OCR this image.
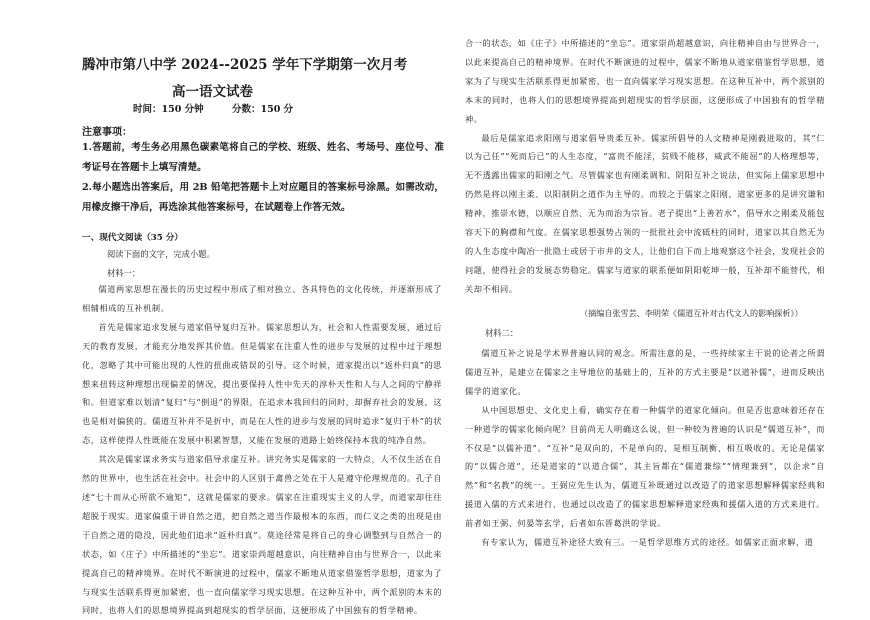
腾冲市第八中学 2024--2025 学年下学期第一次月考
高一语文试卷
时间：150 分钟	分数：150 分
注意事项：
1.答题前，考生务必用黑色碳素笔将自己的学校、班级、姓名、考场号、座位号、准考证号在答题卡上填写清楚。
2.每小题选出答案后，用 2B 铅笔把答题卡上对应题目的答案标号涂黑。如需改动，用橡皮擦干净后，再选涂其他答案标号，在试题卷上作答无效。
一、现代文阅读（35 分）
阅读下面的文字，完成小题。
材料一：
儒道两家思想在漫长的历史过程中形成了相对独立、各具特色的文化传统，并逐渐形成了相辅相成的互补机制。
首先是儒家追求发展与道家倡导复归互补。儒家思想认为，社会和人性需要发展，通过后天的教育发展，才能充分地发挥其价值。但是儒家在注重人性的进步与发展的过程中过于理想化，忽略了其中可能出现的人性的扭曲或错误的引导。这个时候，道家提出以“返朴归真”的思想来扭转这种理想出现偏差的情况，提出要保持人性中先天的淳朴天性和人与人之间的宁静祥和。但道家难以划清“复归”与“倒退”的界限，在追求本我回归的同时，却摒弃社会的发展，这也是相对偏狭的。儒道互补并不是折中，而是在人性的进步与发展的同时追求“复归于朴”的状态，这样使得人性既能在发展中积累智慧，又能在发展的道路上始终保持本我的纯净自然。
其次是儒家谋求务实与道家倡导求虚互补。讲究务实是儒家的一大特点，人不仅生活在自然的世界中，也生活在社会中。社会中的人区别于禽兽之处在于人是遵守伦理规范的。孔子自述“七十而从心所欲不逾矩”，这就是儒家的要求。儒家在注重现实主义的人学，而道家却往往超脱于现实。道家偏重于讲自然之道，把自然之道当作最根本的东西，而仁义之类的出现是由于自然之道的隐没，因此他们追求“返朴归真”。莫途径常是将自己的身心调整到与自然合一的状态，如《庄子》中所描述的“坐忘”。道家崇尚超越意识，向往精神自由与世界合一，以此来提高自己的精神境界。在时代不断演进的过程中，儒家不断地从道家借鉴哲学思想，道家为了与现实生活联系得更加紧密，也一直向儒家学习现实思想。在这种互补中，两个派别的本末的同时，也将人们的思想境界提高到超现实的哲学层面，这便形成了中国独有的哲学精神。
合一的状态，如《庄子》中所描述的“坐忘”。道家崇尚超越意识，向往精神自由与世界合一，以此来提高自己的精神境界。在时代不断演进的过程中，儒家不断地从道家借鉴哲学思想，道家为了与现实生活联系得更加紧密，也一直向儒家学习现实思想。在这种互补中，两个派别的本末的同时，也将人们的思想境界提高到超现实的哲学层面，这便形成了中国独有的哲学精神。
最后是儒家追求阳刚与道家倡导贵柔互补。儒家所倡导的人文精神是刚毅进取的，其“仁以为己任”“死而后已”的人生态度，“富贵不能淫，贫贱不能移，威武不能屈”的人格理想等，无不透露出儒家的阳刚之气。尽管儒家也有刚柔调和、阴阳互补之说法，但实际上儒家思想中仍然是将以刚主柔、以阳制阴之道作为主导的。而较之于儒家之阳刚，道家更多的是讲究谦和精神，推崇水德，以顺应自然、无为而治为宗旨。老子提出“上善若水”，倡导水之刚柔及能包容天下的胸襟和气度。在儒家思想强势占领的一批批社会中流砥柱的同时，道家以其自然无为的人生态度中陶冶一批隐士或居于市井的文人，让他们自下而上地观察这个社会，发现社会的问题，使得社会的发展态势稳定。儒家与道家的联系便如阴阳乾坤一般，互补却不能替代，相关却不相同。
（摘编自张雪芸、李明荣《儒道互补对古代文人的影响探析》）
材料二：
儒道互补之说是学术界普遍认同的观念。所需注意的是，一些持续家主干说的论者之所谓儒道互补，是建立在儒家之主导地位的基础上的，互补的方式主要是“以道补儒”，进而反映出儒学的道家化。
从中国思想史、文化史上看，确实存在着一种儒学的道家化倾向。但是否也意味着还存在一种道学的儒家化倾向呢？目前尚无人明确这么说，但一种较为普遍的认识是“儒道互补”，而不仅是“以儒补道”。“互补”是双向的，不是单向的，是相互制衡、相互吸收的。无论是儒家的“以儒合道”，还是道家的“以道合儒”，其主旨都在“儒道兼综”“情理兼到”，以企求“自然”和“名教”的统一。王弼应先生认为，儒道互补既通过以改造了的道家思想解释儒家经典和援道入儒的方式来进行，也通过以改造了的儒家思想解释道家经典和援儒入道的方式来进行。前者如王弼、何晏等玄学，后者如东晋葛洪的学说。
有专家认为，儒道互补途径大致有三。一是哲学思维方式的途径。如儒家正面求解，道
